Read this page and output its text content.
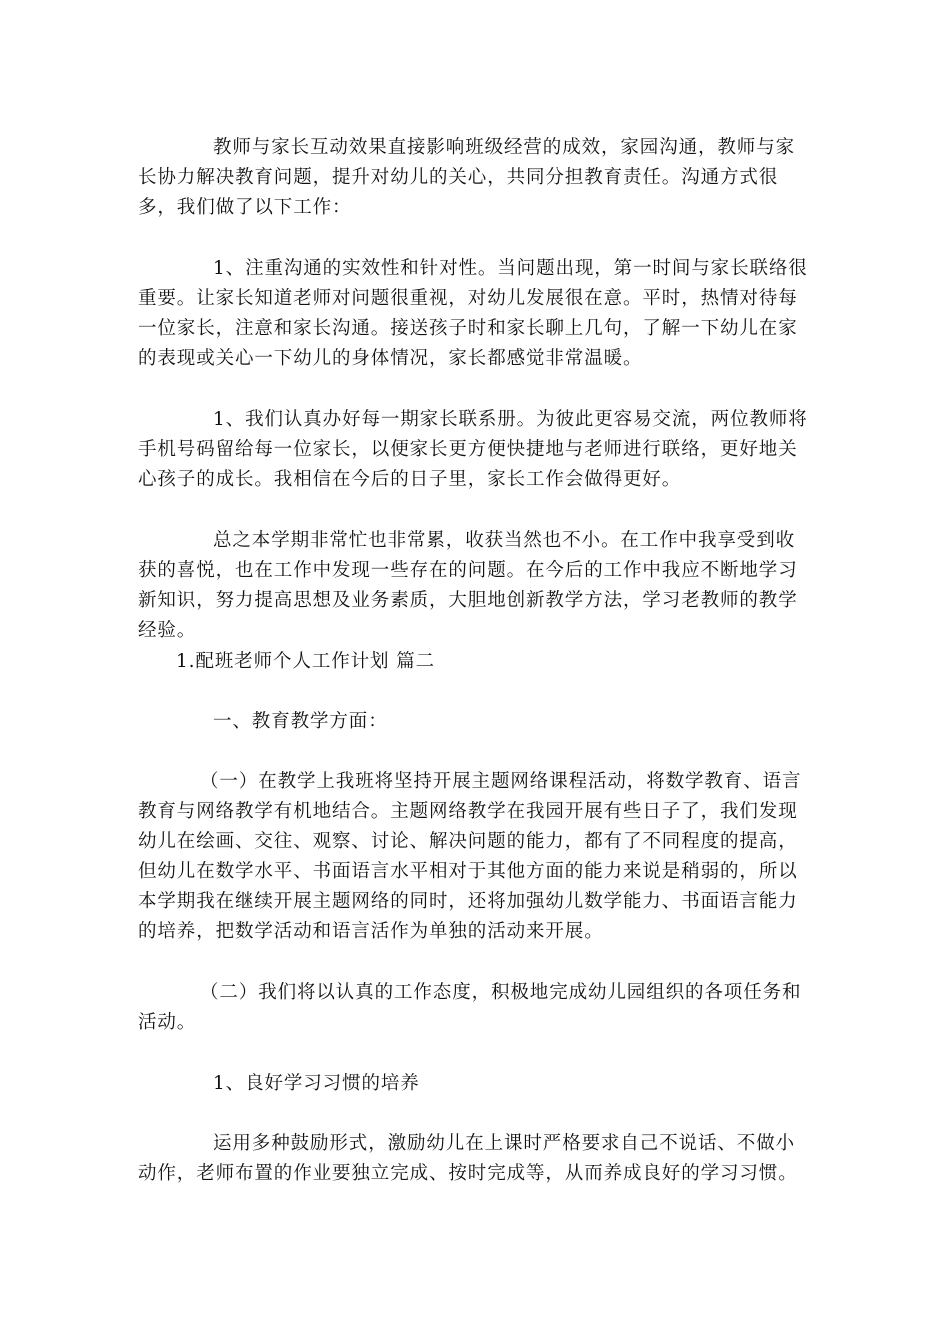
教师与家长互动效果直接影响班级经营的成效，家园沟通，教师与家长协力解决教育问题，提升对幼儿的关心，共同分担教育责任。沟通方式很多，我们做了以下工作：

1、注重沟通的实效性和针对性。当问题出现，第一时间与家长联络很重要。让家长知道老师对问题很重视，对幼儿发展很在意。平时，热情对待每一位家长，注意和家长沟通。接送孩子时和家长聊上几句，了解一下幼儿在家的表现或关心一下幼儿的身体情况，家长都感觉非常温暖。

1、我们认真办好每一期家长联系册。为彼此更容易交流，两位教师将手机号码留给每一位家长，以便家长更方便快捷地与老师进行联络，更好地关心孩子的成长。我相信在今后的日子里，家长工作会做得更好。

总之本学期非常忙也非常累，收获当然也不小。在工作中我享受到收获的喜悦，也在工作中发现一些存在的问题。在今后的工作中我应不断地学习新知识，努力提高思想及业务素质，大胆地创新教学方法，学习老教师的教学经验。

1.配班老师个人工作计划 篇二

一、教育教学方面：

（一）在教学上我班将坚持开展主题网络课程活动，将数学教育、语言教育与网络教学有机地结合。主题网络教学在我园开展有些日子了，我们发现幼儿在绘画、交往、观察、讨论、解决问题的能力，都有了不同程度的提高，但幼儿在数学水平、书面语言水平相对于其他方面的能力来说是稍弱的，所以本学期我在继续开展主题网络的同时，还将加强幼儿数学能力、书面语言能力的培养，把数学活动和语言活作为单独的活动来开展。

（二）我们将以认真的工作态度，积极地完成幼儿园组织的各项任务和活动。

1、良好学习习惯的培养

运用多种鼓励形式，激励幼儿在上课时严格要求自己不说话、不做小动作，老师布置的作业要独立完成、按时完成等，从而养成良好的学习习惯。
